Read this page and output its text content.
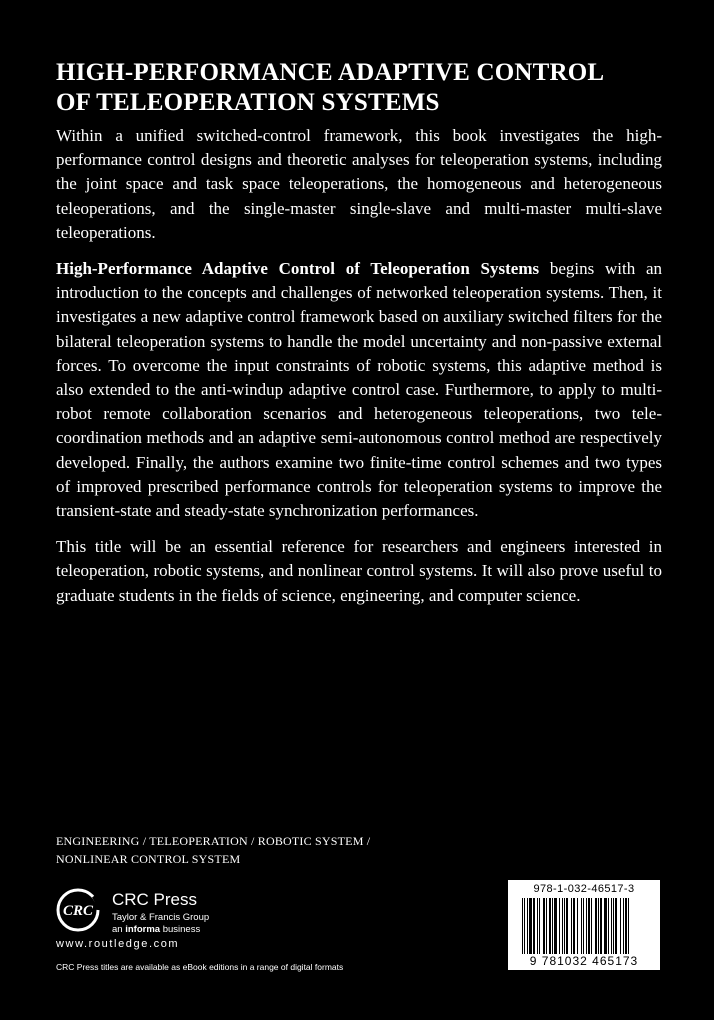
HIGH-PERFORMANCE ADAPTIVE CONTROL
OF TELEOPERATION SYSTEMS

Within a unified switched-control framework, this book investigates the high-performance control designs and theoretic analyses for teleoperation systems, including the joint space and task space teleoperations, the homogeneous and heterogeneous teleoperations, and the single-master single-slave and multi-master multi-slave teleoperations.

High-Performance Adaptive Control of Teleoperation Systems begins with an introduction to the concepts and challenges of networked teleoperation systems. Then, it investigates a new adaptive control framework based on auxiliary switched filters for the bilateral teleoperation systems to handle the model uncertainty and non-passive external forces. To overcome the input constraints of robotic systems, this adaptive method is also extended to the anti-windup adaptive control case. Furthermore, to apply to multi-robot remote collaboration scenarios and heterogeneous teleoperations, two tele-coordination methods and an adaptive semi-autonomous control method are respectively developed. Finally, the authors examine two finite-time control schemes and two types of improved prescribed performance controls for teleoperation systems to improve the transient-state and steady-state synchronization performances.

This title will be an essential reference for researchers and engineers interested in teleoperation, robotic systems, and nonlinear control systems. It will also prove useful to graduate students in the fields of science, engineering, and computer science.

ENGINEERING / TELEOPERATION / ROBOTIC SYSTEM /
NONLINEAR CONTROL SYSTEM
CRC
CRC Press
Taylor & Francis Group
an informa business
www.routledge.com
CRC Press titles are available as eBook editions in a range of digital formats
978-1-032-46517-3
9 781032 465173
